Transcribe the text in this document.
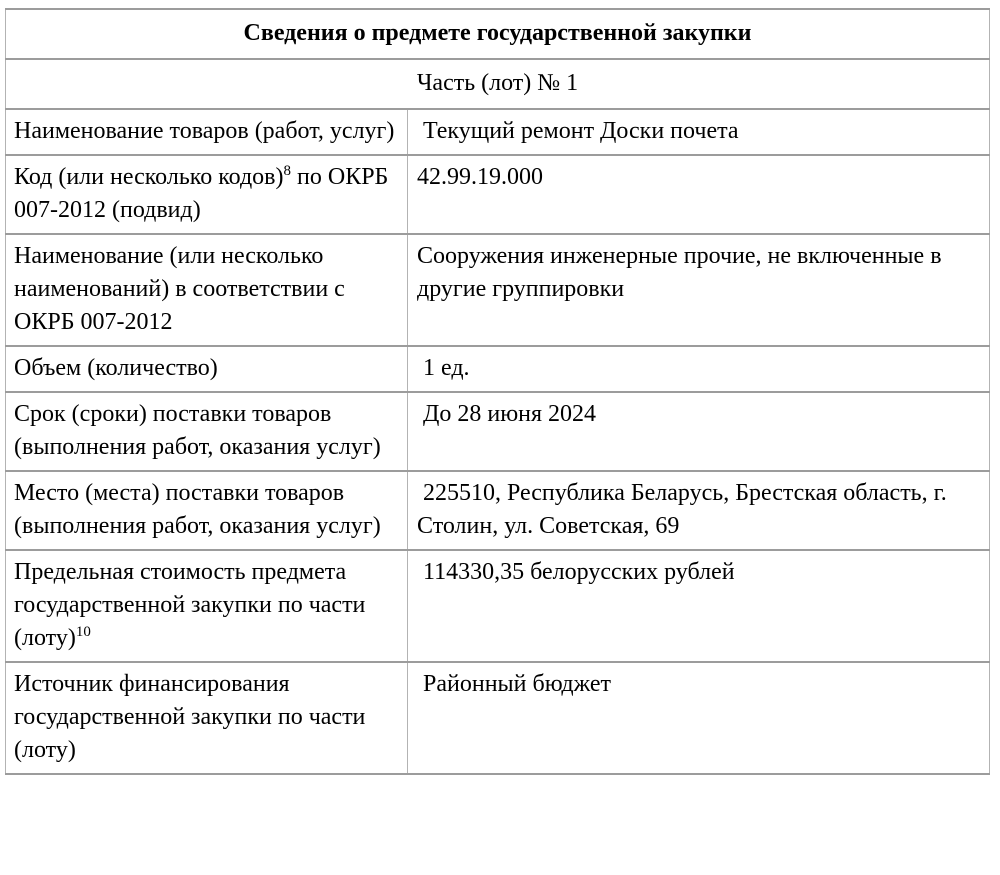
Сведения о предмете государственной закупки	
Часть (лот) № 1	
Наименование товаров (работ, услуг)	Текущий ремонт Доски почета
Код (или несколько кодов)$^8$ по ОКРБ 007-2012 (подвид)	42.99.19.000
Наименование (или несколько наименований) в соответствии с ОКРБ 007-2012	Сооружения инженерные прочие, не включенные в другие группировки
Объем (количество)	1 ед.
Срок (сроки) поставки товаров (выполнения работ, оказания услуг)	До 28 июня 2024
Место (места) поставки товаров (выполнения работ, оказания услуг)	225510, Республика Беларусь, Брестская область, г. Столин, ул. Советская, 69
Предельная стоимость предмета государственной закупки по части (лоту)$^{10}$	114330,35 белорусских рублей
Источник финансирования государственной закупки по части (лоту)	Районный бюджет
